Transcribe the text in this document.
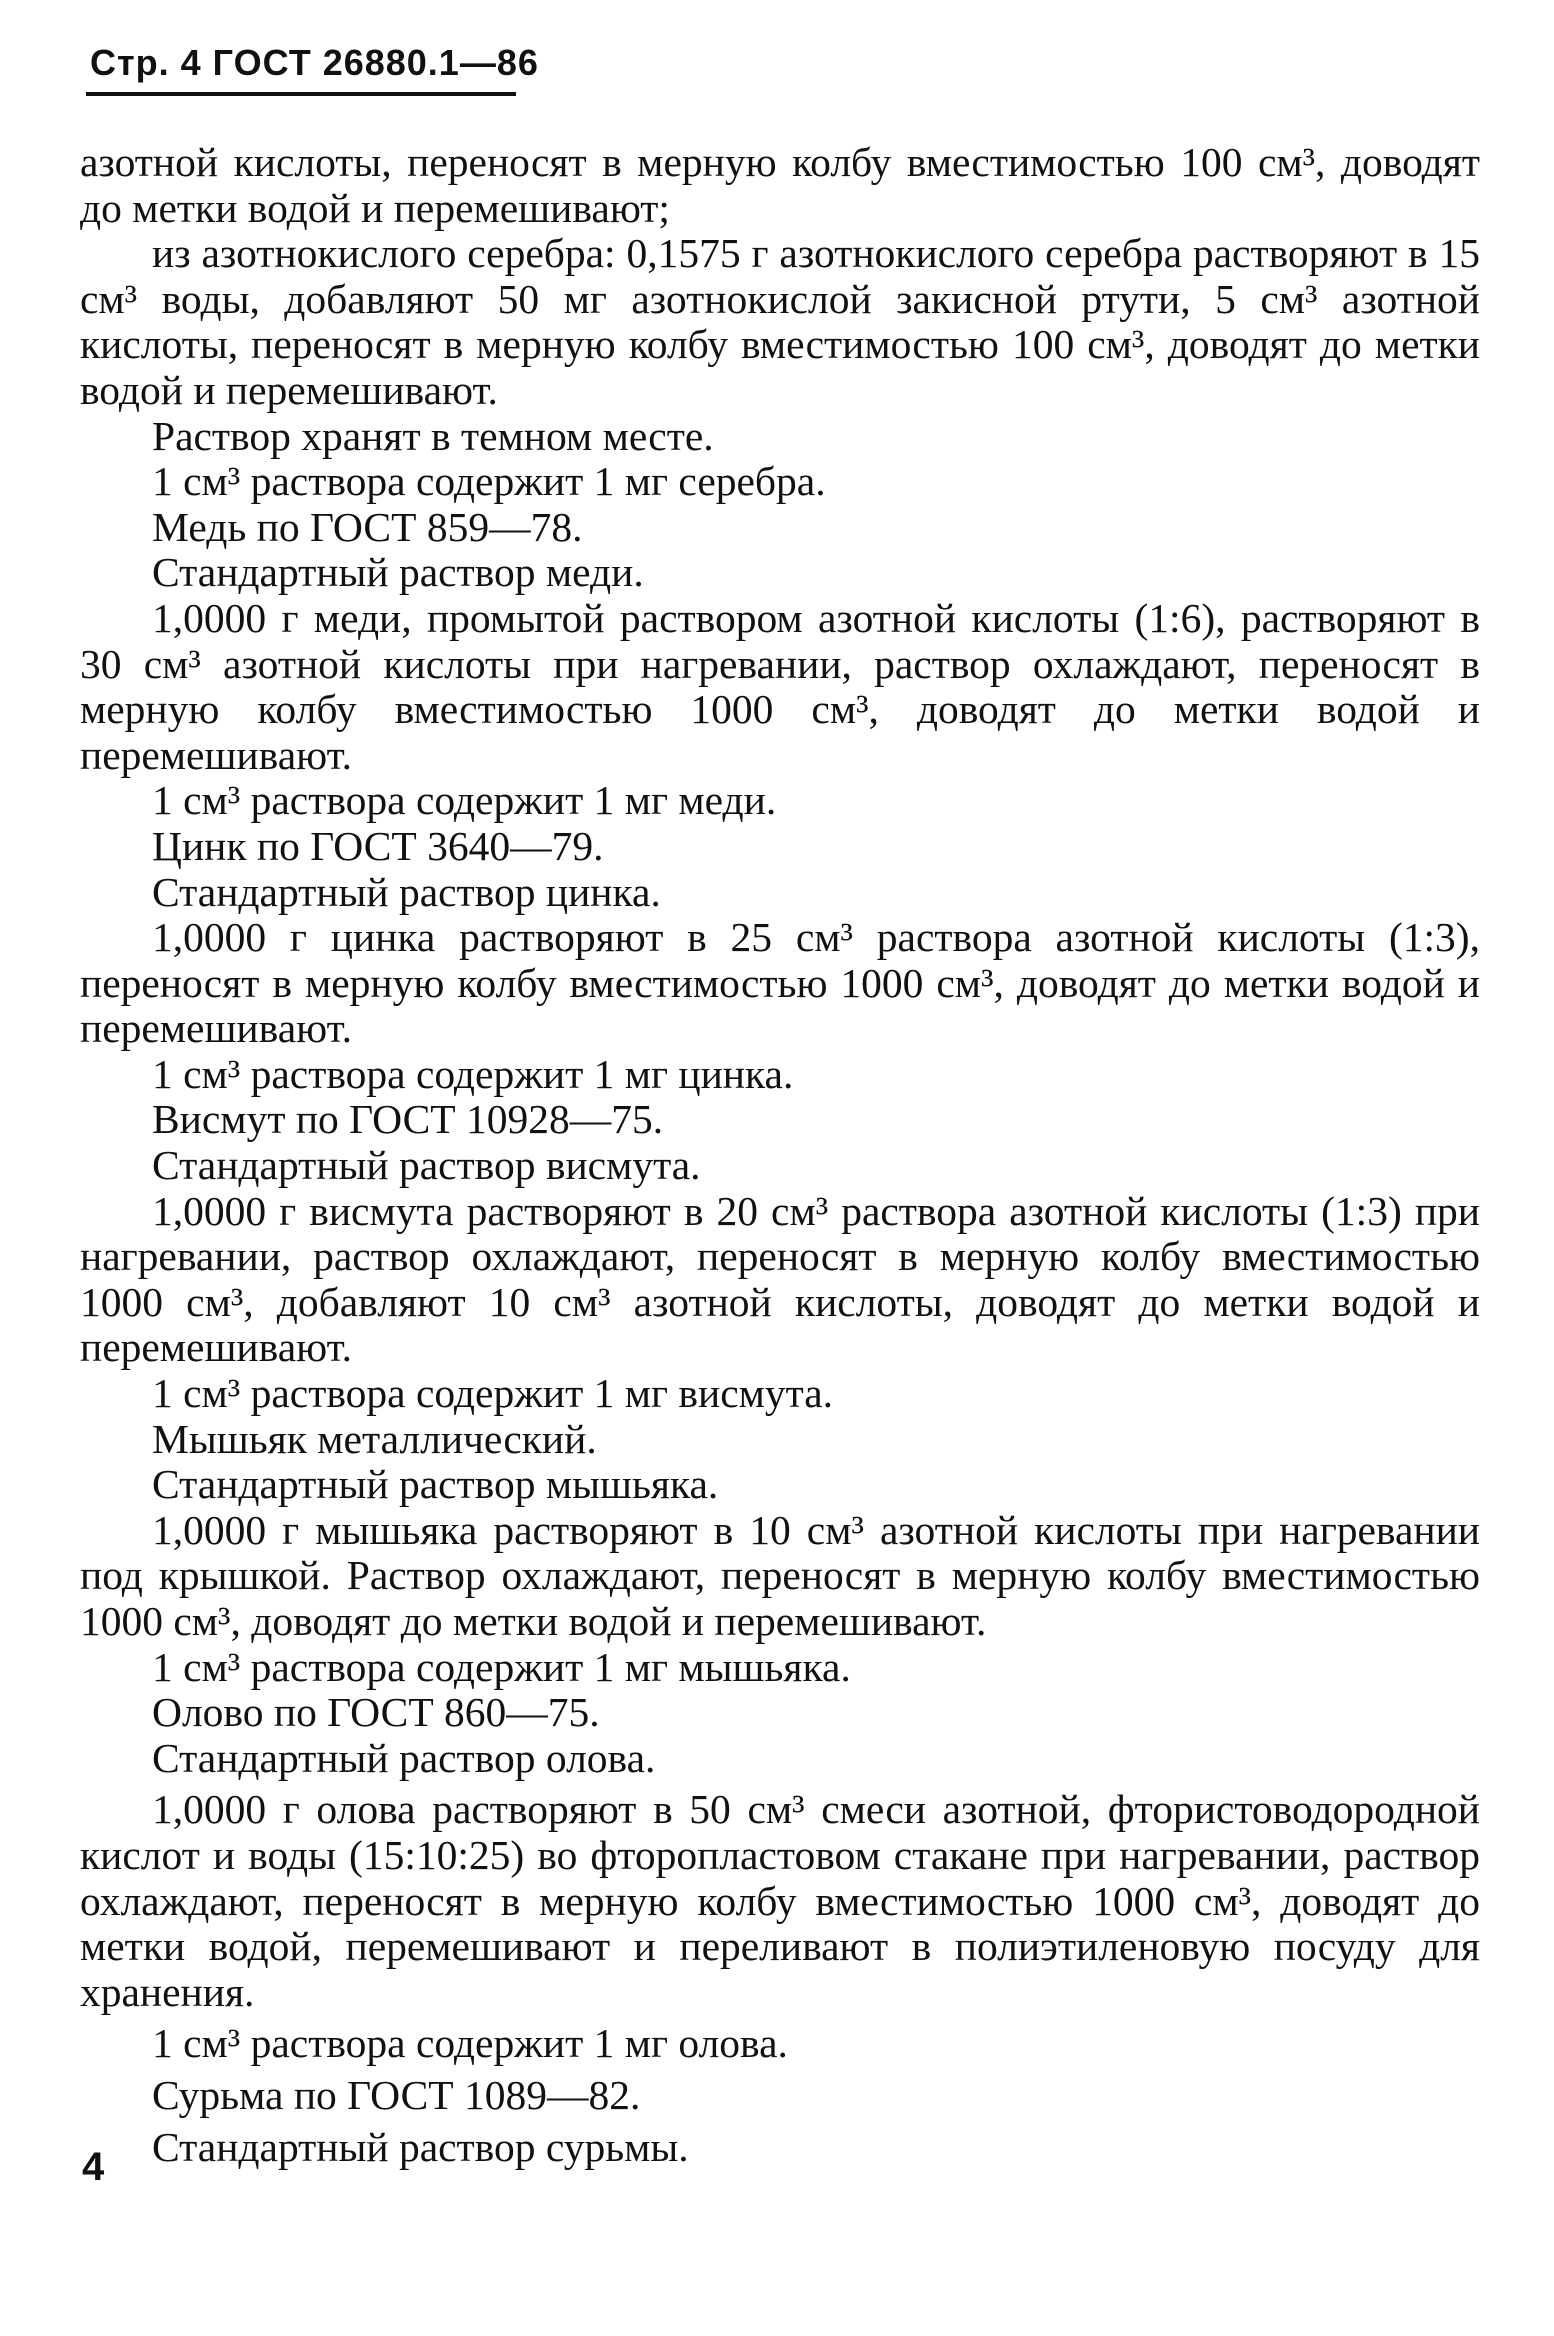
Стр. 4 ГОСТ 26880.1—86

азотной кислоты, переносят в мерную колбу вместимостью 100 см³, доводят до метки водой и перемешивают;

из азотнокислого серебра: 0,1575 г азотнокислого серебра растворяют в 15 см³ воды, добавляют 50 мг азотнокислой закисной ртути, 5 см³ азотной кислоты, переносят в мерную колбу вместимостью 100 см³, доводят до метки водой и перемешивают.

Раствор хранят в темном месте.

1 см³ раствора содержит 1 мг серебра.

Медь по ГОСТ 859—78.

Стандартный раствор меди.

1,0000 г меди, промытой раствором азотной кислоты (1:6), растворяют в 30 см³ азотной кислоты при нагревании, раствор охлаждают, переносят в мерную колбу вместимостью 1000 см³, доводят до метки водой и перемешивают.

1 см³ раствора содержит 1 мг меди.

Цинк по ГОСТ 3640—79.

Стандартный раствор цинка.

1,0000 г цинка растворяют в 25 см³ раствора азотной кислоты (1:3), переносят в мерную колбу вместимостью 1000 см³, доводят до метки водой и перемешивают.

1 см³ раствора содержит 1 мг цинка.

Висмут по ГОСТ 10928—75.

Стандартный раствор висмута.

1,0000 г висмута растворяют в 20 см³ раствора азотной кислоты (1:3) при нагревании, раствор охлаждают, переносят в мерную колбу вместимостью 1000 см³, добавляют 10 см³ азотной кислоты, доводят до метки водой и перемешивают.

1 см³ раствора содержит 1 мг висмута.

Мышьяк металлический.

Стандартный раствор мышьяка.

1,0000 г мышьяка растворяют в 10 см³ азотной кислоты при нагревании под крышкой. Раствор охлаждают, переносят в мерную колбу вместимостью 1000 см³, доводят до метки водой и перемешивают.

1 см³ раствора содержит 1 мг мышьяка.

Олово по ГОСТ 860—75.

Стандартный раствор олова.

1,0000 г олова растворяют в 50 см³ смеси азотной, фтористоводородной кислот и воды (15:10:25) во фторопластовом стакане при нагревании, раствор охлаждают, переносят в мерную колбу вместимостью 1000 см³, доводят до метки водой, перемешивают и переливают в полиэтиленовую посуду для хранения.

1 см³ раствора содержит 1 мг олова.

Сурьма по ГОСТ 1089—82.

Стандартный раствор сурьмы.

4
